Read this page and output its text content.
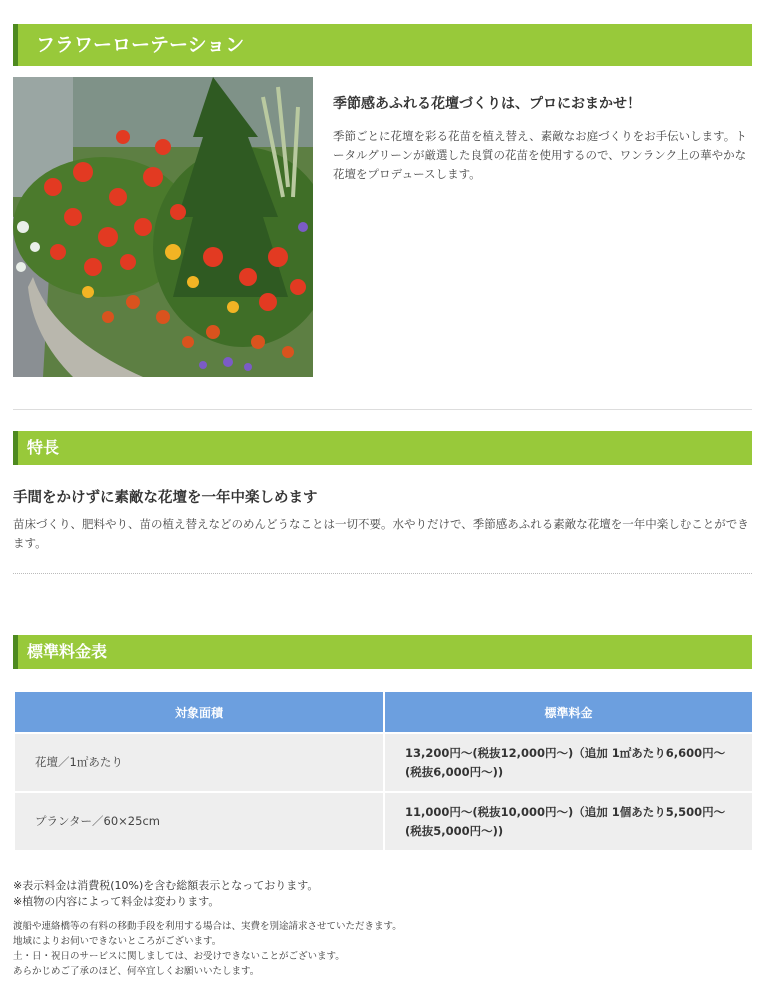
フラワーローテーション
季節感あふれる花壇づくりは、プロにおまかせ！
季節ごとに花壇を彩る花苗を植え替え、素敵なお庭づくりをお手伝いします。トータルグリーンが厳選した良質の花苗を使用するので、ワンランク上の華やかな花壇をプロデュースします。
特長
手間をかけずに素敵な花壇を一年中楽しめます
苗床づくり、肥料やり、苗の植え替えなどのめんどうなことは一切不要。水やりだけで、季節感あふれる素敵な花壇を一年中楽しむことができます。
標準料金表
対象面積	標準料金
花壇／1㎡あたり	13,200円～(税抜12,000円～)（追加 1㎡あたり6,600円～(税抜6,000円～))
プランター／60×25cm	11,000円～(税抜10,000円～)（追加 1個あたり5,500円～(税抜5,000円～))
※表示料金は消費税(10%)を含む総額表示となっております。
※植物の内容によって料金は変わります。
渡船や連絡橋等の有料の移動手段を利用する場合は、実費を別途請求させていただきます。
地域によりお伺いできないところがございます。
土・日・祝日のサービスに関しましては、お受けできないことがございます。
あらかじめご了承のほど、何卒宜しくお願いいたします。
